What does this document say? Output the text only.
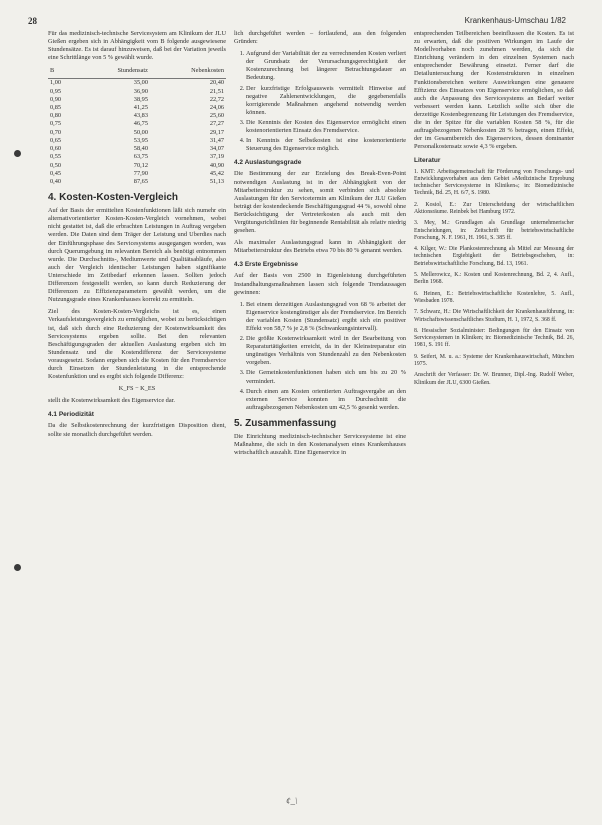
28	Krankenhaus-Umschau 1/82

Für das medizinisch-technische Servicesystem am Klinikum der JLU Gießen ergeben sich in Abhängigkeit vom B folgende ausgewiesene Stundensätze. Es ist darauf hinzuweisen, daß bei der Variation jeweils eine Schrittlänge von 5 % gewählt wurde.

B	Stundensatz	Nebenkosten
1,00	35,00	20,40
0,95	36,90	21,51
0,90	38,95	22,72
0,85	41,25	24,06
0,80	43,83	25,60
0,75	46,75	27,27
0,70	50,00	29,17
0,65	53,95	31,47
0,60	58,40	34,07
0,55	63,75	37,19
0,50	70,12	40,90
0,45	77,90	45,42
0,40	87,65	51,13
4. Kosten-Kosten-Vergleich

Auf der Basis der ermittelten Kostenfunktionen läßt sich numehr ein alternativorientierter Kosten-Kosten-Vergleich vornehmen, wobei nicht gestattet ist, daß die erbrachten Leistungen in Auftrag vergeben werden. Die Daten sind dem Träger der Leistung und Uberdies nach der Einführungsphase des Servicesystems ausgegangen worden, was durch Querumgebung im relevanten Bereich als benötigt entnommen wurde. Die Durchschnitts-, Mediumwerte und Qualitätsabläufe, also auch der Vergleich identischer Leistungen haben signifikante Unterschiede im Zeitbedarf erkennen lassen. Sollten jedoch Differenzen festgestellt werden, so kann durch Reduzierung der Differenzen zu Effizienzparametern gewählt werden, um die Nutzungsgrade eines Krankenhauses korrekt zu ermitteln.

Ziel des Kosten-Kosten-Vergleichs ist es, einen Verkaufsleistungsvergleich zu ermöglichen, wobei zu berücksichtigen ist, daß sich durch eine Reduzierung der Kostenwirksamkeit des Servicesystems ergeben sollte. Bei den relevanten Beschäftigungsgraden der aktuellen Auslastung ergeben sich im Stundensatz und die Kostendifferenz der Servicesysteme vorausgesetzt. Sodann ergeben sich die Kosten für den Fremdservice durch Einsetzen der Stundenleistung in die entsprechende Kostenfunktion und es ergibt sich folgende Differenz:

K_FS − K_ES

stellt die Kostenwirksamkeit des Eigenservice dar.

4.1 Periodizität

Da die Selbstkostenrechnung der kurzfristigen Disposition dient, sollte sie monatlich durchgeführt werden.

lich durchgeführt werden – fortlaufend, aus den folgenden Gründen:

1. Aufgrund der Variabilität der zu verrechnenden Kosten verliert der Grundsatz der Verursachungsgerechtigkeit der Kostenzurechnung bei längerer Betrachtungsdauer an Bedeutung.
2. Der kurzfristige Erfolgsausweis vermittelt Hinweise auf negative Zahlenentwicklungen, die gegebenenfalls korrigierende Maßnahmen angehend notwendig werden können.
3. Die Kenntnis der Kosten des Eigenservice ermöglicht einen kostenorientierten Einsatz des Fremdservice.
4. In Kenntnis der Selbstkosten ist eine kostenorientierte Steuerung des Eigenservice möglich.
4.2 Auslastungsgrade

Die Bestimmung der zur Erzielung des Break-Even-Point notwendigen Auslastung ist in der Abhängigkeit von der Mitarbeiterstruktur zu sehen, somit verbinden sich absolute Auslastungen für den Servicetermin am Klinikum der JLU Gießen beträgt der kostendeckende Beschäftigungsgrad 44 %, sowohl ohne Berücksichtigung der Vertreterkosten als auch mit den Vergütungsrichtlinien für beginnende Rentabilität als relativ niedrig gesehen.

Als maximaler Auslastungsgrad kann in Abhängigkeit der Mitarbeiterstruktur des Betriebs etwa 70 bis 80 % genannt werden.

4.3 Erste Ergebnisse

Auf der Basis von 2500 in Eigenleistung durchgeführten Instandhaltungsmaßnahmen lassen sich folgende Trendaussagen gewinnen:

1. Bei einem derzeitigen Auslastungsgrad von 68 % arbeitet der Eigenservice kostengünstiger als der Fremdservice. Im Bereich der variablen Kosten (Stundensatz) ergibt sich ein positiver Effekt von 58,7 % je 2,8 % (Schwankungsintervall).
2. Die größte Kostenwirksamkeit wird in der Bearbeitung von Reparaturtätigkeiten erreicht, da in der Kleinstreparatur ein ungünstiges Verhältnis von Stundenzahl zu den Nebenkosten vorgeben.
3. Die Gemeinkostenfunktionen haben sich um bis zu 20 % vermindert.
4. Durch einen am Kosten orientierten Auftragsvergabe an den externen Service konnten im Durchschnitt die auftragsbezogenen Nebenkosten um 42,5 % gesenkt werden.
5. Zusammenfassung

Die Einrichtung medizinisch-technischer Servicesysteme ist eine Maßnahme, die sich in den Kostenanalysen eines Krankenhauses wirtschaftlich auszahlt. Eine Eigenservice in

entsprechenden Teilbereichen beeinflussen die Kosten. Es ist zu erwarten, daß die positiven Wirkungen im Laufe der Modellvorhaben noch zunehmen werden, da sich die Einrichtung verändern in den einzelnen Systemen nach entsprechender Bewährung einsetzt. Ferner darf die Detailuntersuchung der Kostenstrukturen in einzelnen Funktionsbereichen weitere Auswirkungen eine genauere Effizienz des Einsatzes von Eigenservice ermöglichen, so daß auch die Anpassung des Servicesystems an Bedarf weiter verbessert werden kann. Letztlich sollte sich über die derzeitige Kostenbegrenzung für Leistungen des Fremdservice, die in der Spitze für die variablen Kosten 58 %, für die auftragsbezogenen Nebenkosten 28 % betragen, einen Effekt, der im Gesamtbereich des Eigenservices, dessen dominanter Personalkostensatz sowie 4,3 % ergeben.

Literatur
1. KMT: Arbeitsgemeinschaft für Förderung von Forschungs- und Entwicklungsvorhaben aus dem Gebiet »Medizinische Erprobung technischer Servicesysteme in Kliniken«; in: Biomedizinische Technik, Bd. 25, H. 6/7, S. 1980.
2. Kosiol, E.: Zur Unterscheidung der wirtschaftlichen Aktionsräume. Reinbek bei Hamburg 1972.
3. Mey, M.: Grundlagen als Grundlage unternehmerischer Entscheidungen, in: Zeitschrift für betriebswirtschaftliche Forschung, N. F. 1961, H. 1961, S. 385 ff.
4. Kilger, W.: Die Plankostenrechnung als Mittel zur Messung der technischen Ergiebigkeit der Betriebsgeschehen, in: Betriebswirtschaftliche Forschung, Bd. 13, 1961.
5. Mellerowicz, K.: Kosten und Kostenrechnung, Bd. 2, 4. Aufl., Berlin 1968.
6. Heinen, E.: Betriebswirtschaftliche Kostenlehre, 5. Aufl., Wiesbaden 1978.
7. Schwarz, H.: Die Wirtschaftlichkeit der Krankenhausführung, in: Wirtschaftswissenschaftliches Studium, H. 1, 1972, S. 368 ff.
8. Hessischer Sozialminister: Bedingungen für den Einsatz von Servicesystemen in Kliniken; in: Biomedizinische Technik, Bd. 26, 1981, S. 191 ff.
9. Seifert, M. u. a.: Systeme der Krankenhauswirtschaft, München 1975.
Anschrift der Verfasser: Dr. W. Brunner, Dipl.-Ing. Rudolf Weber, Klinikum der JLU, 6300 Gießen.
ȼ_\
